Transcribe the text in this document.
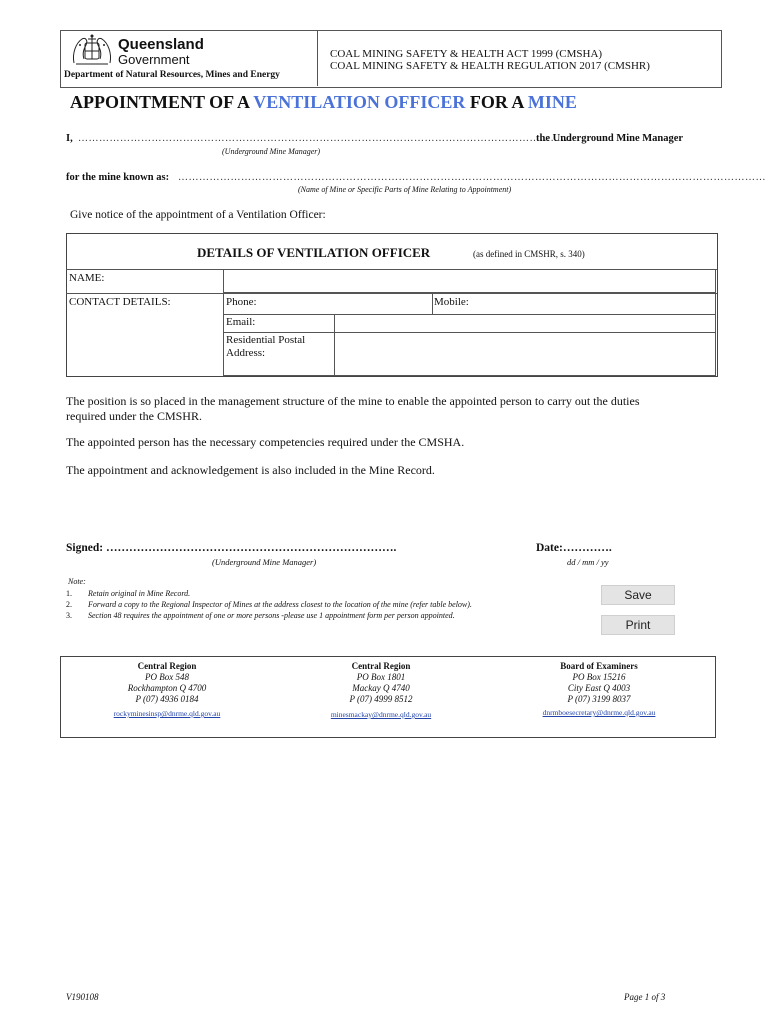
Queensland
Government
Department of Natural Resources, Mines and Energy
COAL MINING SAFETY & HEALTH ACT 1999 (CMSHA)
COAL MINING SAFETY & HEALTH REGULATION 2017 (CMSHR)
APPOINTMENT OF A VENTILATION OFFICER FOR A MINE
I, ……………………………………………………………………………………………………………………………
the Underground Mine Manager
(Underground Mine Manager)
for the mine known as: ……………………………………………………………………………………………………………………………………………………
(Name of Mine or Specific Parts of Mine Relating to Appointment)
Give notice of the appointment of a Ventilation Officer:
DETAILS OF VENTILATION OFFICER	(as defined in CMSHR, s. 340)
NAME:
CONTACT DETAILS:	Phone:	Mobile:
Email:
Residential Postal
Address:
The position is so placed in the management structure of the mine to enable the appointed person to carry out the duties
required under the CMSHR.
The appointed person has the necessary competencies required under the CMSHA.
The appointment and acknowledgement is also included in the Mine Record.
Signed: ………………………………………………………………….
(Underground Mine Manager)
Date:………….
dd / mm / yy
Note:
1. Retain original in Mine Record.
2. Forward a copy to the Regional Inspector of Mines at the address closest to the location of the mine (refer table below).
3. Section 48 requires the appointment of one or more persons -please use 1 appointment form per person appointed.
Save
Print
Central Region
PO Box 548
Rockhampton Q 4700
P (07) 4936 0184
rockyminesinsp@dnrme.qld.gov.au
Central Region
PO Box 1801
Mackay Q 4740
P (07) 4999 8512
minesmackay@dnrme.qld.gov.au
Board of Examiners
PO Box 15216
City East Q 4003
P (07) 3199 8037
dnrmboesecretary@dnrme.qld.gov.au
V190108	Page 1 of 3
